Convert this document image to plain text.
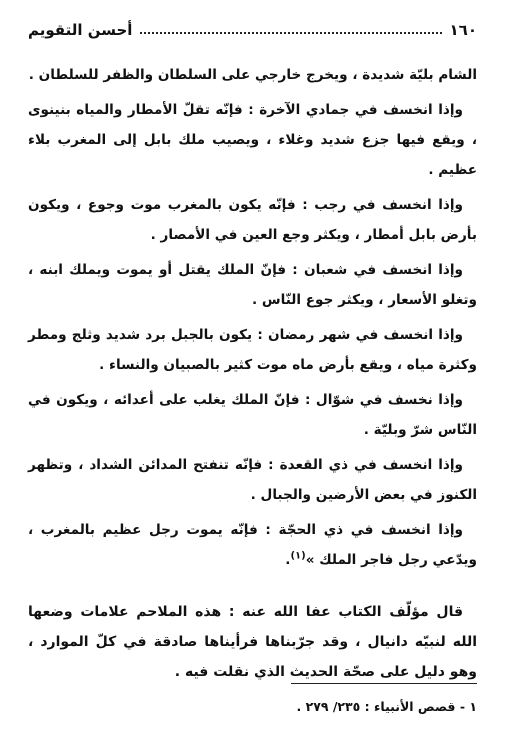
١٦٠
أحسن التقويم

الشام بليّة شديدة ، ويخرج خارجي على السلطان والظفر للسلطان .

وإذا انخسف في جمادي الآخرة : فإنّه تقلّ الأمطار والمياه بنينوى ، ويقع فيها جزع شديد وغلاء ، ويصيب ملك بابل إلى المغرب بلاء عظيم .

وإذا انخسف في رجب : فإنّه يكون بالمغرب موت وجوع ، ويكون بأرض بابل أمطار ، ويكثر وجع العين في الأمصار .

وإذا انخسف في شعبان : فإنّ الملك يقتل أو يموت ويملك ابنه ، وتغلو الأسعار ، ويكثر جوع النّاس .

وإذا انخسف في شهر رمضان : يكون بالجبل برد شديد وثلج ومطر وكثرة مياه ، ويقع بأرض ماه موت كثير بالصبيان والنساء .

وإذا نخسف في شوّال : فإنّ الملك يغلب على أعدائه ، ويكون في النّاس شرّ وبليّة .

وإذا انخسف في ذي القعدة : فإنّه تنفتح المدائن الشداد ، وتظهر الكنوز في بعض الأرضين والجبال .

وإذا انخسف في ذي الحجّة : فإنّه يموت رجل عظيم بالمغرب ، ويدّعي رجل فاجر الملك »$^{(١)}$.

قال مؤلّف الكتاب عفا الله عنه : هذه الملاحم علامات وضعها الله لنبيّه دانيال ، وقد جرّبناها فرأيناها صادقة في كلّ الموارد ، وهو دليل على صحّة الحديث الذي نقلت فيه .

١ - قصص الأنبياء : ٢٣٥/ ٢٧٩ .
